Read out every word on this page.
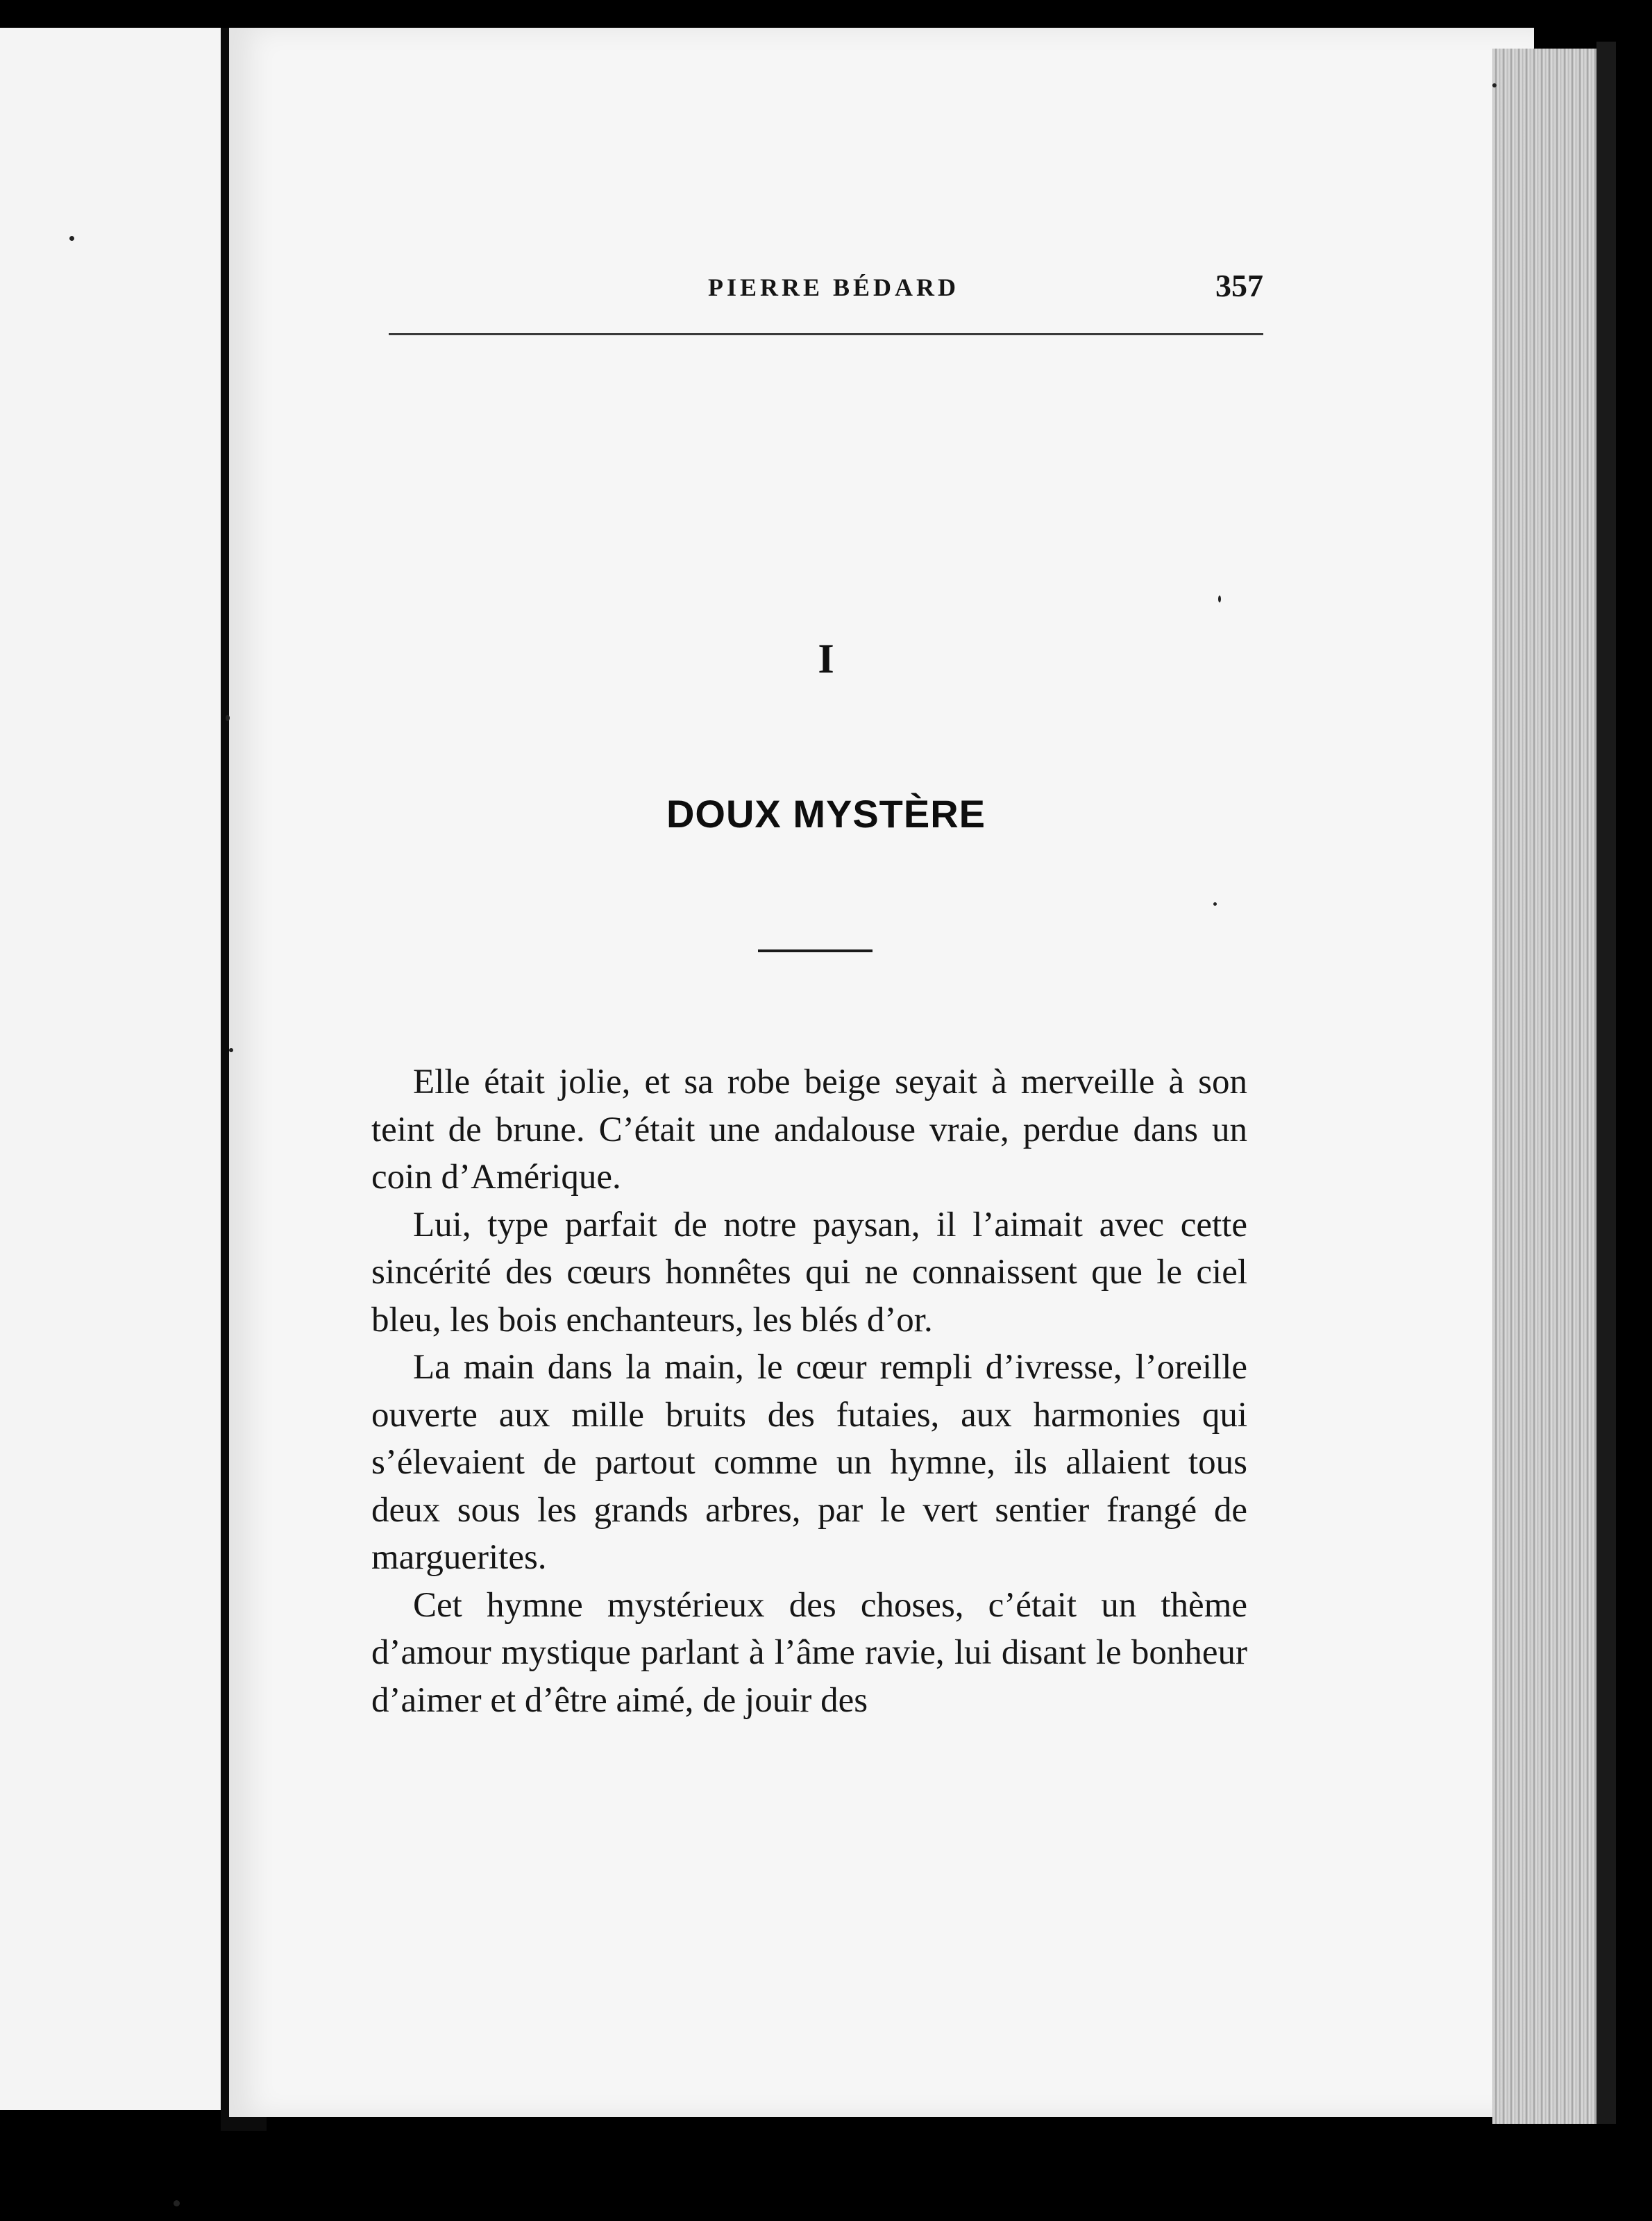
PIERRE BÉDARD	357
I
DOUX MYSTÈRE

Elle était jolie, et sa robe beige seyait à merveille à son teint de brune. C’était une andalouse vraie, perdue dans un coin d’Amérique.

Lui, type parfait de notre paysan, il l’aimait avec cette sincérité des cœurs honnêtes qui ne connaissent que le ciel bleu, les bois enchanteurs, les blés d’or.

La main dans la main, le cœur rempli d’ivresse, l’oreille ouverte aux mille bruits des futaies, aux harmonies qui s’élevaient de partout comme un hymne, ils allaient tous deux sous les grands arbres, par le vert sentier frangé de marguerites.

Cet hymne mystérieux des choses, c’était un thème d’amour mystique parlant à l’âme ravie, lui disant le bonheur d’aimer et d’être aimé, de jouir des
